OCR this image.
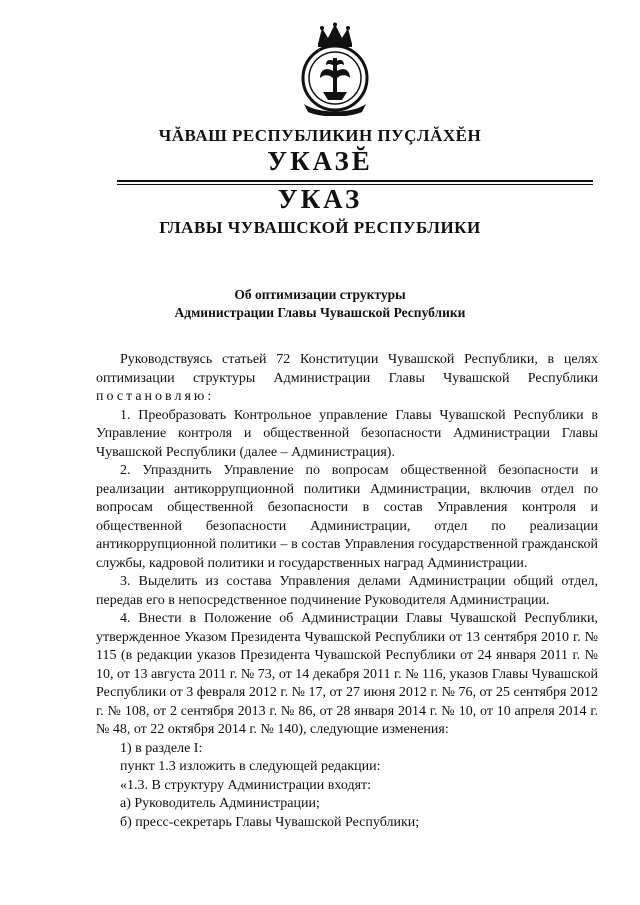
ЧĂВАШ РЕСПУБЛИКИН ПУÇЛĂХĔН
УКАЗĔ
УКАЗ
ГЛАВЫ ЧУВАШСКОЙ РЕСПУБЛИКИ
Об оптимизации структуры
Администрации Главы Чувашской Республики

Руководствуясь статьей 72 Конституции Чувашской Республики, в целях оптимизации структуры Администрации Главы Чувашской Республики постановляю:

1. Преобразовать Контрольное управление Главы Чувашской Республики в Управление контроля и общественной безопасности Администрации Главы Чувашской Республики (далее – Администрация).

2. Упразднить Управление по вопросам общественной безопасности и реализации антикоррупционной политики Администрации, включив отдел по вопросам общественной безопасности в состав Управления контроля и общественной безопасности Администрации, отдел по реализации антикоррупционной политики – в состав Управления государственной гражданской службы, кадровой политики и государственных наград Администрации.

3. Выделить из состава Управления делами Администрации общий отдел, передав его в непосредственное подчинение Руководителя Администрации.

4. Внести в Положение об Администрации Главы Чувашской Республики, утвержденное Указом Президента Чувашской Республики от 13 сентября 2010 г. № 115 (в редакции указов Президента Чувашской Республики от 24 января 2011 г. № 10, от 13 августа 2011 г. № 73, от 14 декабря 2011 г. № 116, указов Главы Чувашской Республики от 3 февраля 2012 г. № 17, от 27 июня 2012 г. № 76, от 25 сентября 2012 г. № 108, от 2 сентября 2013 г. № 86, от 28 января 2014 г. № 10, от 10 апреля 2014 г. № 48, от 22 октября 2014 г. № 140), следующие изменения:

1) в разделе I:

пункт 1.3 изложить в следующей редакции:

«1.3. В структуру Администрации входят:

а) Руководитель Администрации;

б) пресс-секретарь Главы Чувашской Республики;
